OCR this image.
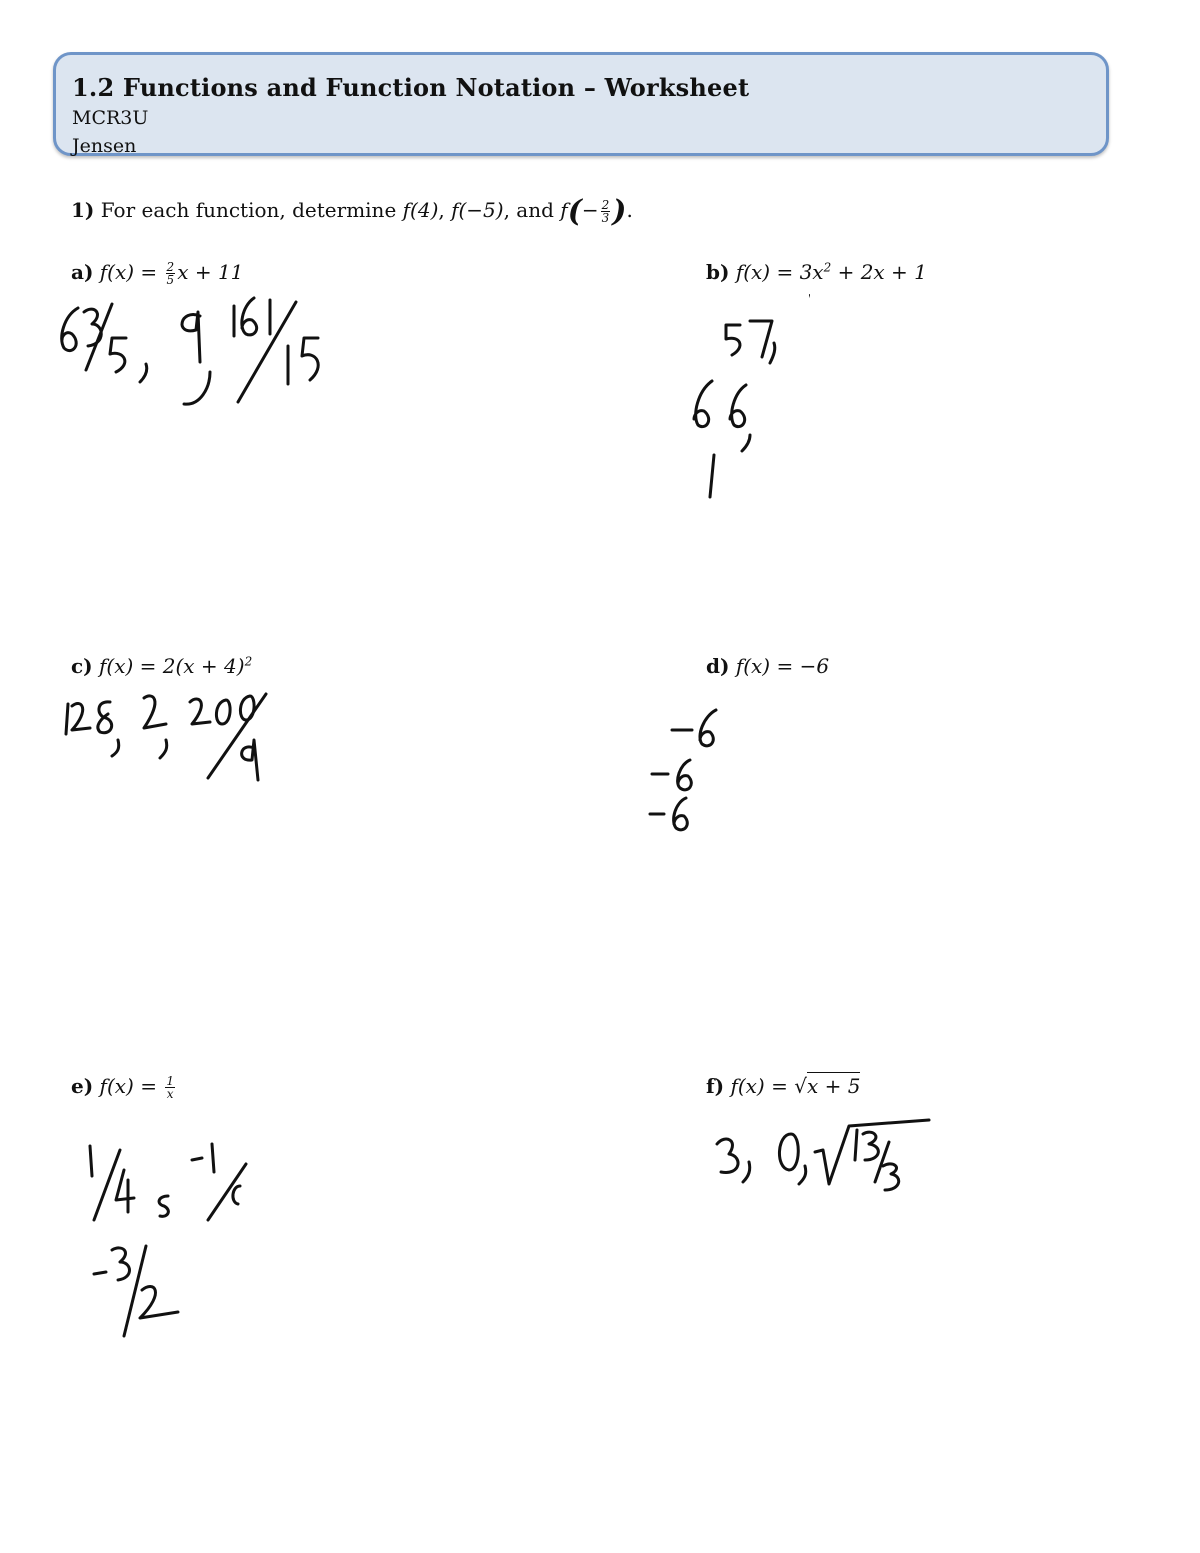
1.2 Functions and Function Notation – Worksheet
MCR3U
Jensen
1) For each function, determine f(4), f(−5), and $f(- \frac{2}{3}$ ).
a) $f(x) = \frac{2}{5}$ x + 11	b) $f(x) = 3x^2 + 2x + 1$
c) $f(x) = 2(x + 4)^2$	d) f(x) = −6
e) $f(x) = \frac{1}{x}$	f) f(x) = √x + 5
